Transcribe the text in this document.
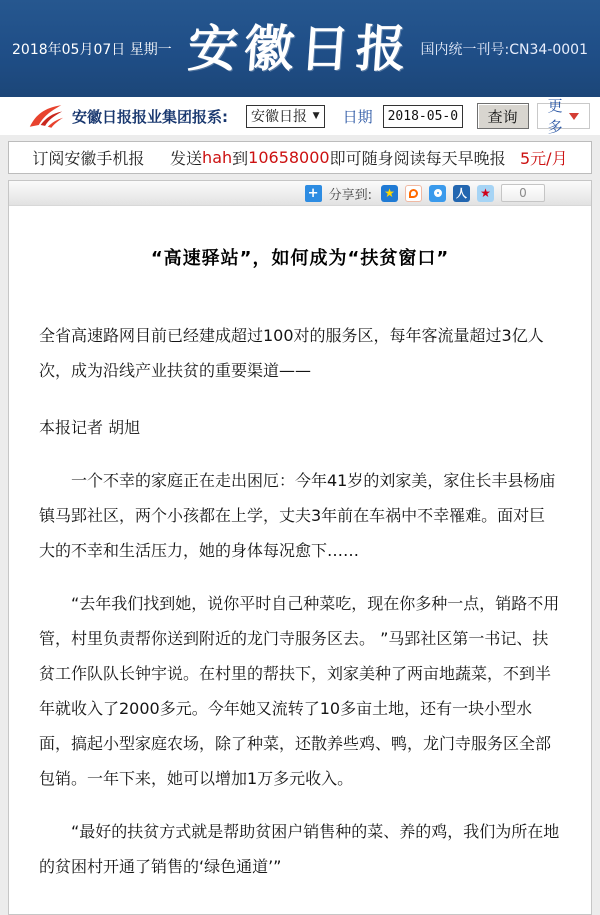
2018年05月07日 星期一 安徽日报 国内统一刊号:CN34-0001
安徽日报报业集团报系: 安徽日报 ▼ 日期
2018-05-07	查询
更多
订阅安徽手机报 发送 hah 到 10658000 即可随身阅读每天早晚报 5元/月
+ 分享到: ★	人 ★	0
“高速驿站”，如何成为“扶贫窗口”

全省高速路网目前已经建成超过100对的服务区，每年客流量超过3亿人次，成为沿线产业扶贫的重要渠道——

本报记者 胡旭

一个不幸的家庭正在走出困厄：今年41岁的刘家美，家住长丰县杨庙镇马郢社区，两个小孩都在上学，丈夫3年前在车祸中不幸罹难。面对巨大的不幸和生活压力，她的身体每况愈下……

“去年我们找到她，说你平时自己种菜吃，现在你多种一点，销路不用管，村里负责帮你送到附近的龙门寺服务区去。 ”马郢社区第一书记、扶贫工作队队长钟宇说。在村里的帮扶下，刘家美种了两亩地蔬菜，不到半年就收入了2000多元。今年她又流转了10多亩土地，还有一块小型水面，搞起小型家庭农场，除了种菜，还散养些鸡、鸭，龙门寺服务区全部包销。一年下来，她可以增加1万多元收入。

“最好的扶贫方式就是帮助贫困户销售种的菜、养的鸡，我们为所在地的贫困村开通了销售的‘绿色通道’”
